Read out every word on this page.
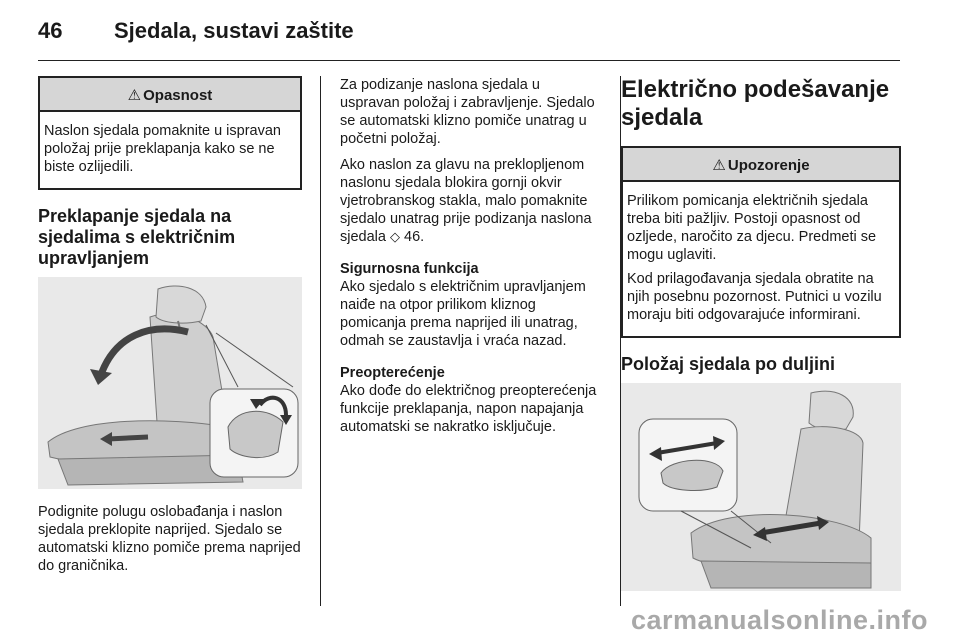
46 Sjedala, sustavi zaštite
⚠ Opasnost

Naslon sjedala pomaknite u ispravan položaj prije preklapanja kako se ne biste ozlijedili.

Preklapanje sjedala na sjedalima s električnim upravljanjem

Podignite polugu oslobađanja i naslon sjedala preklopite naprijed. Sjedalo se automatski klizno pomiče prema naprijed do graničnika.

Za podizanje naslona sjedala u uspravan položaj i zabravljenje. Sjedalo se automatski klizno pomiče unatrag u početni položaj.

Ako naslon za glavu na preklopljenom naslonu sjedala blokira gornji okvir vjetrobranskog stakla, malo pomaknite sjedalo unatrag prije podizanja naslona sjedala ◇ 46.

Sigurnosna funkcija

Ako sjedalo s električnim upravljanjem naiđe na otpor prilikom kliznog pomicanja prema naprijed ili unatrag, odmah se zaustavlja i vraća nazad.

Preopterećenje

Ako dođe do električnog preopterećenja funkcije preklapanja, napon napajanja automatski se nakratko isključuje.

Električno podešavanje sjedala
⚠ Upozorenje

Prilikom pomicanja električnih sjedala treba biti pažljiv. Postoji opasnost od ozljede, naročito za djecu. Predmeti se mogu uglaviti.

Kod prilagođavanja sjedala obratite na njih posebnu pozornost. Putnici u vozilu moraju biti odgovarajuće informirani.

Položaj sjedala po duljini
carmanualsonline.info
